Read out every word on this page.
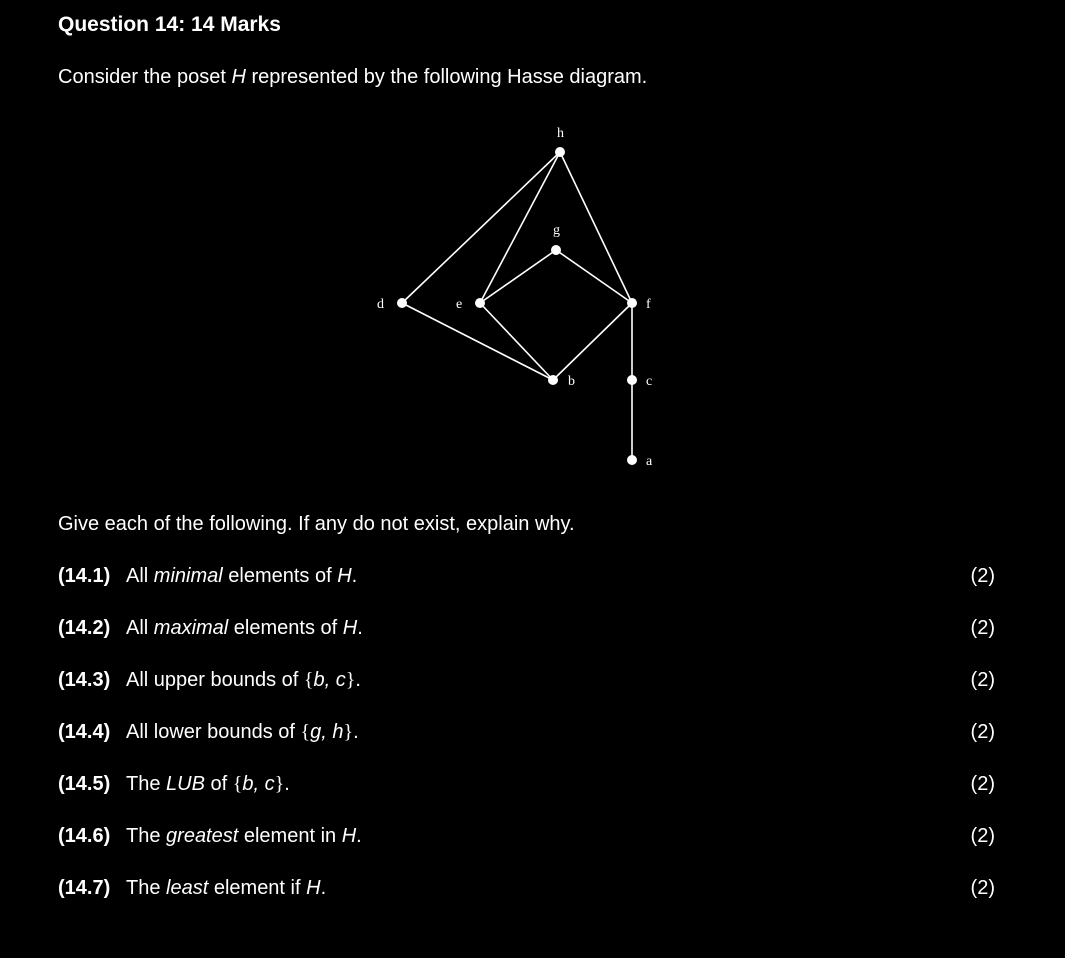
Question 14: 14 Marks
Consider the poset H represented by the following Hasse diagram.
h
g
d	e	f
b	c
a
Give each of the following. If any do not exist, explain why.
(14.1) All minimal elements of H.	(2)
(14.2) All maximal elements of H.	(2)
(14.3) All upper bounds of {b, c}.	(2)
(14.4) All lower bounds of {g, h}.	(2)
(14.5) The LUB of {b, c}.	(2)
(14.6) The greatest element in H.	(2)
(14.7) The least element if H.	(2)
